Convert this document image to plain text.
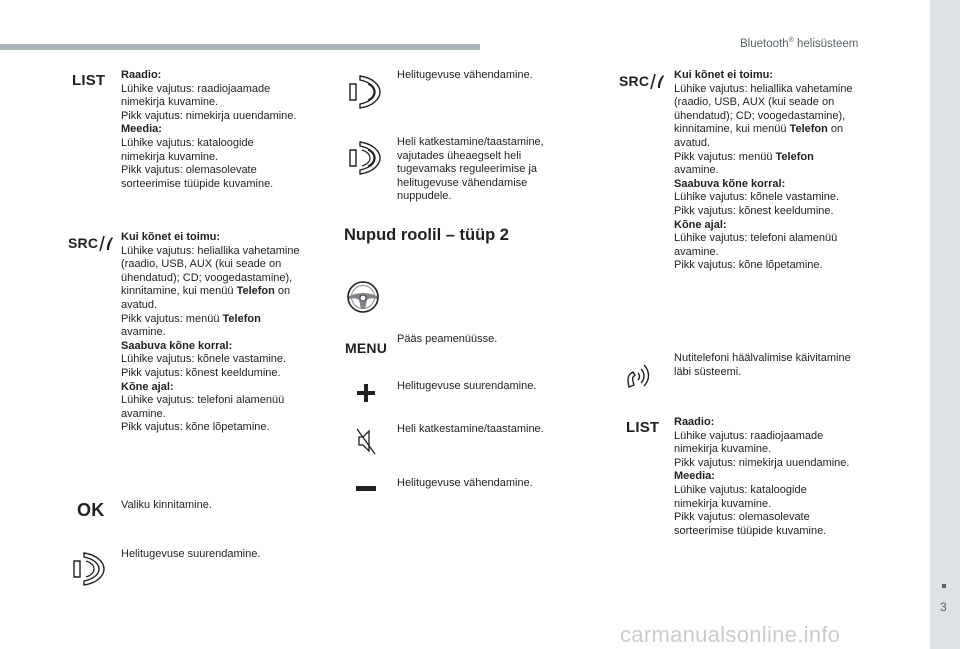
Bluetooth® helisüsteem
LIST Raadio:
Lühike vajutus: raadiojaamade
nimekirja kuvamine.
Pikk vajutus: nimekirja uuendamine.
Meedia:
Lühike vajutus: kataloogide
nimekirja kuvamine.
Pikk vajutus: olemasolevate
sorteerimise tüüpide kuvamine.
SRC Kui kõnet ei toimu:
Lühike vajutus: heliallika vahetamine
(raadio, USB, AUX (kui seade on
ühendatud); CD; voogedastamine),
kinnitamine, kui menüü Telefon on
avatud.
Pikk vajutus: menüü Telefon
avamine.
Saabuva kõne korral:
Lühike vajutus: kõnele vastamine.
Pikk vajutus: kõnest keeldumine.
Kõne ajal:
Lühike vajutus: telefoni alamenüü
avamine.
Pikk vajutus: kõne lõpetamine.
OK Valiku kinnitamine.
Helitugevuse suurendamine.
Helitugevuse vähendamine.
Heli katkestamine/taastamine,
vajutades üheaegselt heli
tugevamaks reguleerimise ja
helitugevuse vähendamise
nuppudele.
Nupud roolil – tüüp 2
MENU
Pääs peamenüüsse.
Helitugevuse suurendamine.
Heli katkestamine/taastamine.
Helitugevuse vähendamine.
SRC Kui kõnet ei toimu:
Lühike vajutus: heliallika vahetamine
(raadio, USB, AUX (kui seade on
ühendatud); CD; voogedastamine),
kinnitamine, kui menüü Telefon on
avatud.
Pikk vajutus: menüü Telefon
avamine.
Saabuva kõne korral:
Lühike vajutus: kõnele vastamine.
Pikk vajutus: kõnest keeldumine.
Kõne ajal:
Lühike vajutus: telefoni alamenüü
avamine.
Pikk vajutus: kõne lõpetamine.
Nutitelefoni häälvalimise käivitamine
läbi süsteemi.
LIST Raadio:
Lühike vajutus: raadiojaamade
nimekirja kuvamine.
Pikk vajutus: nimekirja uuendamine.
Meedia:
Lühike vajutus: kataloogide
nimekirja kuvamine.
Pikk vajutus: olemasolevate
sorteerimise tüüpide kuvamine.
3
carmanualsonline.info
